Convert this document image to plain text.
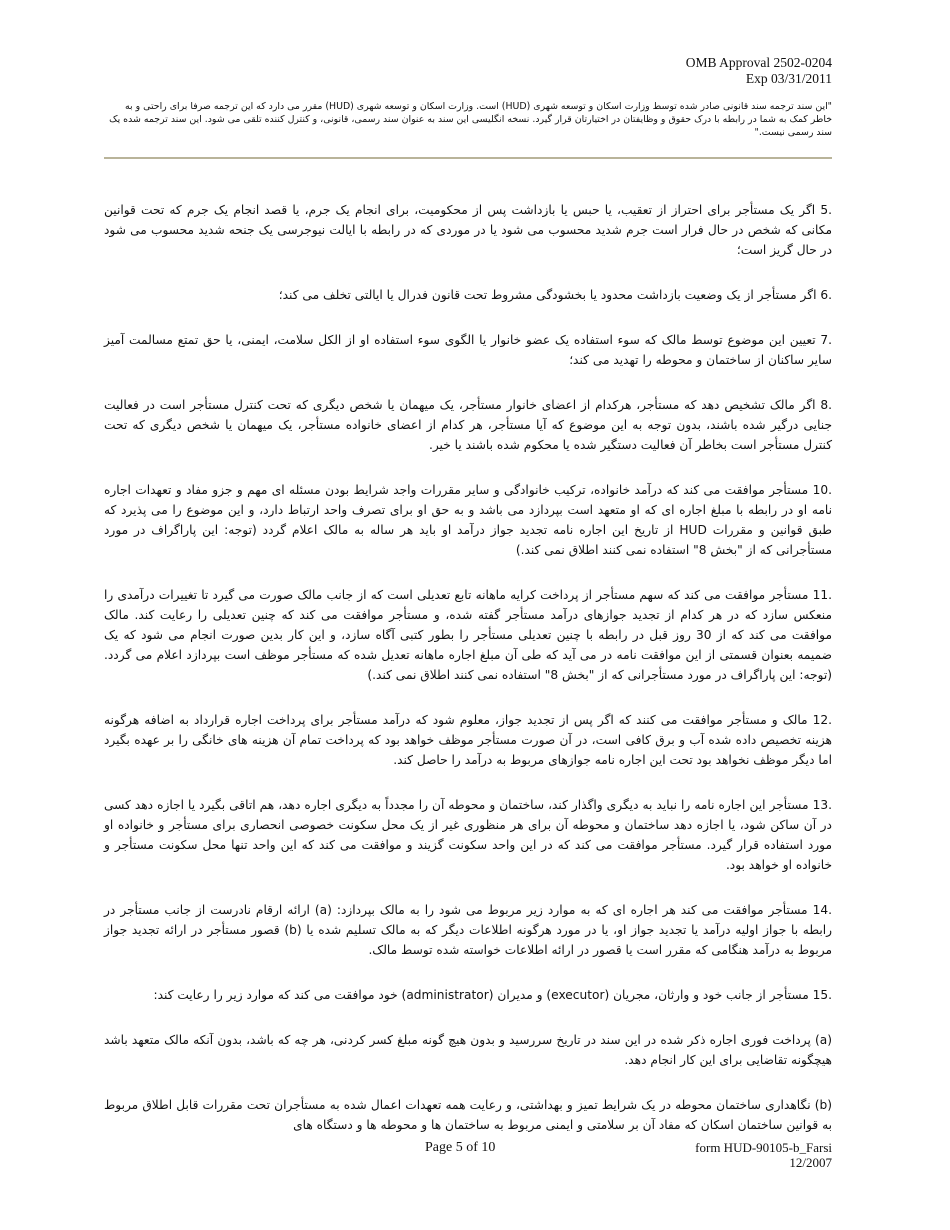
OMB Approval 2502-0204
Exp 03/31/2011
"این سند ترجمه سند قانونی صادر شده توسط وزارت اسکان و توسعه شهری (HUD) است. وزارت اسکان و توسعه شهری (HUD) مقرر می دارد که این ترجمه صرفا برای راحتی و به خاطر کمک به شما در رابطه با درک حقوق و وظایفتان در اختیارتان قرار گیرد. نسخه انگلیسی این سند به عنوان سند رسمی، قانونی، و کنترل کننده تلقی می شود. این سند ترجمه شده یک سند رسمی نیست."

.5 اگر یک مستأجر برای احتراز از تعقیب، یا حبس یا بازداشت پس از محکومیت، برای انجام یک جرم، یا قصد انجام یک جرم که تحت قوانین مکانی که شخص در حال فرار است جرم شدید محسوب می شود یا در موردی که در رابطه با ایالت نیوجرسی یک جنحه شدید محسوب می شود در حال گریز است؛

.6 اگر مستأجر از یک وضعیت بازداشت محدود یا بخشودگی مشروط تحت قانون فدرال یا ایالتی تخلف می کند؛

.7 تعیین این موضوع توسط مالک که سوء استفاده یک عضو خانوار یا الگوی سوء استفاده او از الکل سلامت، ایمنی، یا حق تمتع مسالمت آمیز سایر ساکنان از ساختمان و محوطه را تهدید می کند؛

.8 اگر مالک تشخیص دهد که مستأجر، هرکدام از اعضای خانوار مستأجر، یک میهمان یا شخص دیگری که تحت کنترل مستأجر است در فعالیت جنایی درگیر شده باشند، بدون توجه به این موضوع که آیا مستأجر، هر کدام از اعضای خانواده مستأجر، یک میهمان یا شخص دیگری که تحت کنترل مستأجر است بخاطر آن فعالیت دستگیر شده یا محکوم شده باشند یا خیر.

.10 مستأجر موافقت می کند که درآمد خانواده، ترکیب خانوادگی و سایر مقررات واجد شرایط بودن مسئله ای مهم و جزو مفاد و تعهدات اجاره نامه او در رابطه با مبلغ اجاره ای که او متعهد است بپردازد می باشد و به حق او برای تصرف واحد ارتباط دارد، و این موضوع را می پذیرد که طبق قوانین و مقررات HUD از تاریخ این اجاره نامه تجدید جواز درآمد او باید هر ساله به مالک اعلام گردد (توجه: این پاراگراف در مورد مستأجرانی که از "بخش 8" استفاده نمی کنند اطلاق نمی کند.)

.11 مستأجر موافقت می کند که سهم مستأجر از پرداخت کرایه ماهانه تابع تعدیلی است که از جانب مالک صورت می گیرد تا تغییرات درآمدی را منعکس سازد که در هر کدام از تجدید جوازهای درآمد مستأجر گفته شده، و مستأجر موافقت می کند که چنین تعدیلی را رعایت کند. مالک موافقت می کند که از 30 روز قبل در رابطه با چنین تعدیلی مستأجر را بطور کتبی آگاه سازد، و این کار بدین صورت انجام می شود که یک ضمیمه بعنوان قسمتی از این موافقت نامه در می آید که طی آن مبلغ اجاره ماهانه تعدیل شده که مستأجر موظف است بپردازد اعلام می گردد. (توجه: این پاراگراف در مورد مستأجرانی که از "بخش 8" استفاده نمی کنند اطلاق نمی کند.)

.12 مالک و مستأجر موافقت می کنند که اگر پس از تجدید جواز، معلوم شود که درآمد مستأجر برای پرداخت اجاره قرارداد به اضافه هرگونه هزینه تخصیص داده شده آب و برق کافی است، در آن صورت مستأجر موظف خواهد بود که پرداخت تمام آن هزینه های خانگی را بر عهده بگیرد اما دیگر موظف نخواهد بود تحت این اجاره نامه جوازهای مربوط به درآمد را حاصل کند.

.13 مستأجر این اجاره نامه را نباید به دیگری واگذار کند، ساختمان و محوطه آن را مجدداً به دیگری اجاره دهد، هم اتاقی بگیرد یا اجازه دهد کسی در آن ساکن شود، یا اجازه دهد ساختمان و محوطه آن برای هر منظوری غیر از یک محل سکونت خصوصی انحصاری برای مستأجر و خانواده او مورد استفاده قرار گیرد. مستأجر موافقت می کند که در این واحد سکونت گزیند و موافقت می کند که این واحد تنها محل سکونت مستأجر و خانواده او خواهد بود.

.14 مستأجر موافقت می کند هر اجاره ای که به موارد زیر مربوط می شود را به مالک بپردازد: (a) ارائه ارقام نادرست از جانب مستأجر در رابطه با جواز اولیه درآمد یا تجدید جواز او، یا در مورد هرگونه اطلاعات دیگر که به مالک تسلیم شده یا (b) قصور مستأجر در ارائه تجدید جواز مربوط به درآمد هنگامی که مقرر است یا قصور در ارائه اطلاعات خواسته شده توسط مالک.

.15 مستأجر از جانب خود و وارثان، مجریان (executor) و مدیران (administrator) خود موافقت می کند که موارد زیر را رعایت کند:

(a) پرداخت فوری اجاره ذکر شده در این سند در تاریخ سررسید و بدون هیچ گونه مبلغ کسر کردنی، هر چه که باشد، بدون آنکه مالک متعهد باشد هیچگونه تقاضایی برای این کار انجام دهد.

(b) نگاهداری ساختمان محوطه در یک شرایط تمیز و بهداشتی، و رعایت همه تعهدات اعمال شده به مستأجران تحت مقررات قابل اطلاق مربوط به قوانین ساختمان اسکان که مفاد آن بر سلامتی و ایمنی مربوط به ساختمان ها و محوطه ها و دستگاه های

Page 5 of 10	form HUD-90105-b_Farsi
12/2007
